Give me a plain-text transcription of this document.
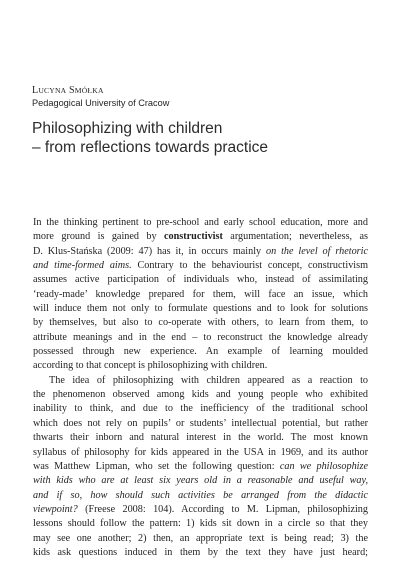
LUCYNA SMÓŁKA

Pedagogical University of Cracow

Philosophizing with children
– from reflections towards practice
In the thinking pertinent to pre-school and early school education, more and
more ground is gained by constructivist argumentation; nevertheless, as
D. Klus-Stańska (2009: 47) has it, in occurs mainly on the level of rhetoric
and time-formed aims. Contrary to the behaviourist concept, constructivism
assumes active participation of individuals who, instead of assimilating
‘ready-made’ knowledge prepared for them, will face an issue, which
will induce them not only to formulate questions and to look for solutions
by themselves, but also to co-operate with others, to learn from them, to
attribute meanings and in the end – to reconstruct the knowledge already
possessed through new experience. An example of learning moulded
according to that concept is philosophizing with children.
The idea of philosophizing with children appeared as a reaction to
the phenomenon observed among kids and young people who exhibited
inability to think, and due to the inefficiency of the traditional school
which does not rely on pupils’ or students’ intellectual potential, but rather
thwarts their inborn and natural interest in the world. The most known
syllabus of philosophy for kids appeared in the USA in 1969, and its author
was Matthew Lipman, who set the following question: can we philosophize
with kids who are at least six years old in a reasonable and useful way,
and if so, how should such activities be arranged from the didactic
viewpoint? (Freese 2008: 104). According to M. Lipman, philosophizing
lessons should follow the pattern: 1) kids sit down in a circle so that they
may see one another; 2) then, an appropriate text is being read; 3) the
kids ask questions induced in them by the text they have just heard;
